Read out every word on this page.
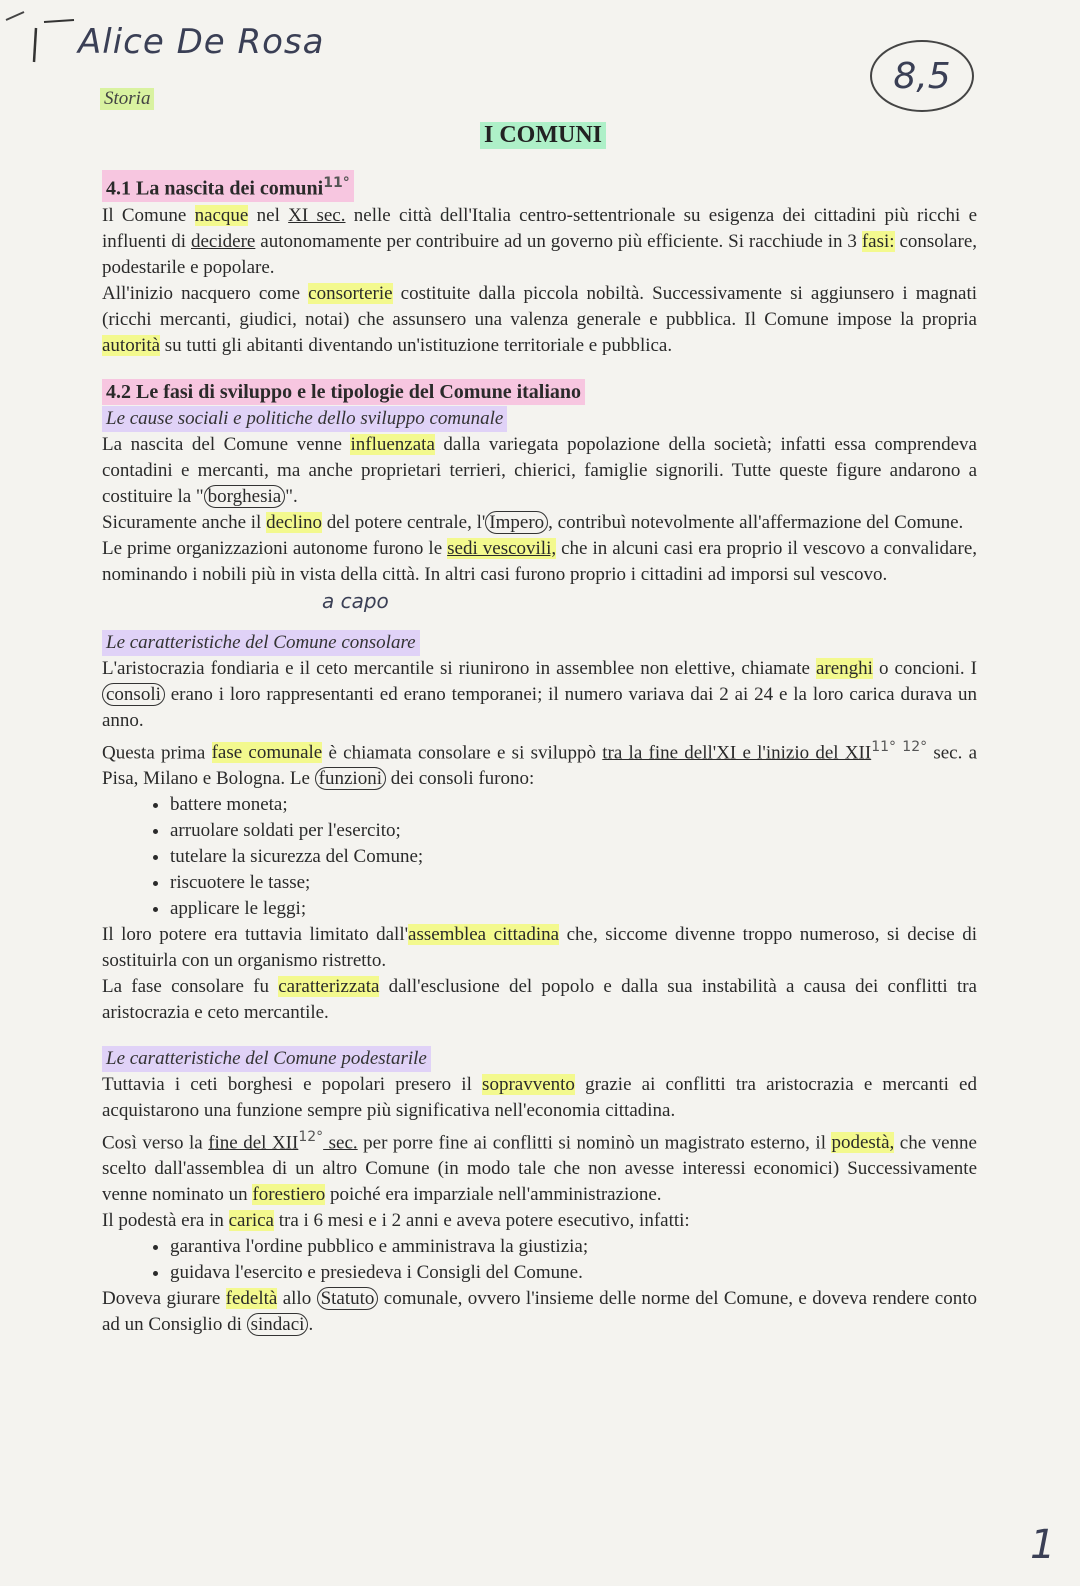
Alice De Rosa
8,5
Storia
I COMUNI
4.1 La nascita dei comuni$^{11^\circ}$

Il Comune nacque nel XI sec. nelle città dell'Italia centro-settentrionale su esigenza dei cittadini più ricchi e influenti di decidere autonomamente per contribuire ad un governo più efficiente. Si racchiude in 3 fasi: consolare, podestarile e popolare.

All'inizio nacquero come consorterie costituite dalla piccola nobiltà. Successivamente si aggiunsero i magnati (ricchi mercanti, giudici, notai) che assunsero una valenza generale e pubblica. Il Comune impose la propria autorità su tutti gli abitanti diventando un'istituzione territoriale e pubblica.

4.2 Le fasi di sviluppo e le tipologie del Comune italiano
Le cause sociali e politiche dello sviluppo comunale

La nascita del Comune venne influenzata dalla variegata popolazione della società; infatti essa comprendeva contadini e mercanti, ma anche proprietari terrieri, chierici, famiglie signorili. Tutte queste figure andarono a costituire la " borghesia ".

Sicuramente anche il declino del potere centrale, l' Impero , contribuì notevolmente all'affermazione del Comune.

Le prime organizzazioni autonome furono le sedi vescovili, che in alcuni casi era proprio il vescovo a convalidare, nominando i nobili più in vista della città. In altri casi furono proprio i cittadini ad imporsi sul vescovo.

a capo
Le caratteristiche del Comune consolare

L'aristocrazia fondiaria e il ceto mercantile si riunirono in assemblee non elettive, chiamate arenghi o concioni. I consoli erano i loro rappresentanti ed erano temporanei; il numero variava dai 2 ai 24 e la loro carica durava un anno.

Questa prima fase comunale è chiamata consolare e si sviluppò tra la fine dell'XI e l'inizio del XII$^{11^\circ}$ $^{12^\circ}$ sec. a Pisa, Milano e Bologna. Le funzioni dei consoli furono:

• battere moneta;
• arruolare soldati per l'esercito;
• tutelare la sicurezza del Comune;
• riscuotere le tasse;
• applicare le leggi;

Il loro potere era tuttavia limitato dall'assemblea cittadina che, siccome divenne troppo numeroso, si decise di sostituirla con un organismo ristretto.

La fase consolare fu caratterizzata dall'esclusione del popolo e dalla sua instabilità a causa dei conflitti tra aristocrazia e ceto mercantile.

Le caratteristiche del Comune podestarile

Tuttavia i ceti borghesi e popolari presero il sopravvento grazie ai conflitti tra aristocrazia e mercanti ed acquistarono una funzione sempre più significativa nell'economia cittadina.

Così verso la fine del XII$^{12^\circ}$ sec. per porre fine ai conflitti si nominò un magistrato esterno, il podestà, che venne scelto dall'assemblea di un altro Comune (in modo tale che non avesse interessi economici) Successivamente venne nominato un forestiero poiché era imparziale nell'amministrazione.

Il podestà era in carica tra i 6 mesi e i 2 anni e aveva potere esecutivo, infatti:

• garantiva l'ordine pubblico e amministrava la giustizia;
• guidava l'esercito e presiedeva i Consigli del Comune.

Doveva giurare fedeltà allo Statuto comunale, ovvero l'insieme delle norme del Comune, e doveva rendere conto ad un Consiglio di sindaci .

1
